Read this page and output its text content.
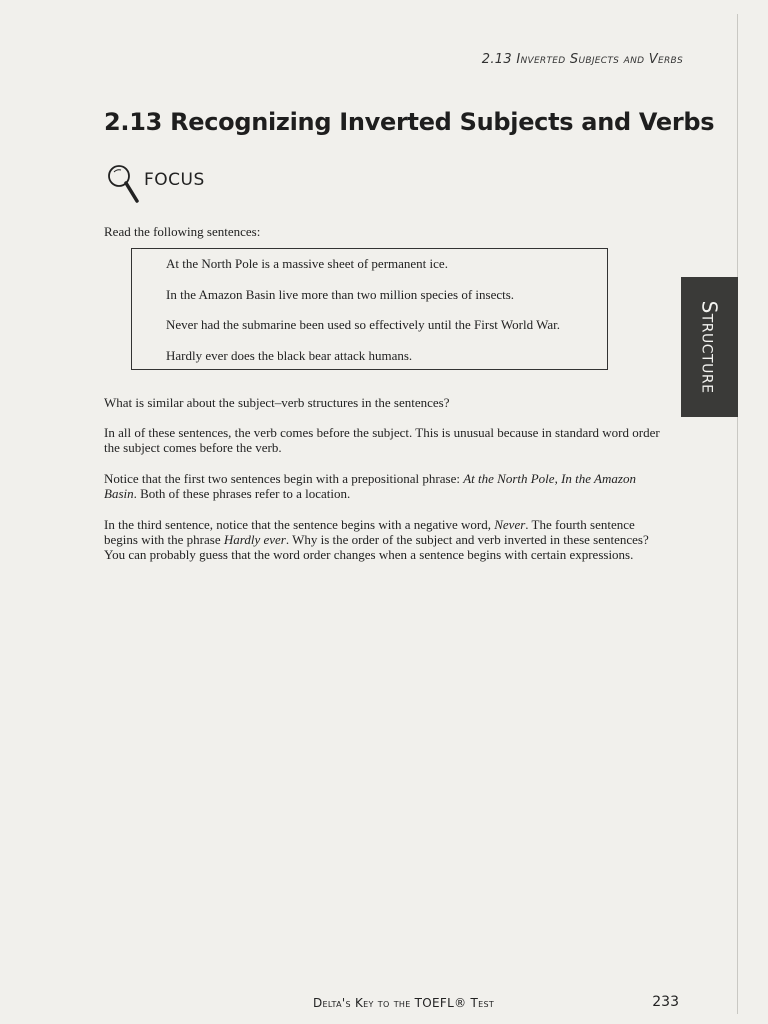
2.13 Inverted Subjects and Verbs

2.13 Recognizing Inverted Subjects and Verbs
FOCUS

Read the following sentences:

At the North Pole is a massive sheet of permanent ice.

In the Amazon Basin live more than two million species of insects.

Never had the submarine been used so effectively until the First World War.

Hardly ever does the black bear attack humans.

What is similar about the subject–verb structures in the sentences?

In all of these sentences, the verb comes before the subject. This is unusual because in standard word order the subject comes before the verb.

Notice that the first two sentences begin with a prepositional phrase: At the North Pole, In the Amazon Basin. Both of these phrases refer to a location.

In the third sentence, notice that the sentence begins with a negative word, Never. The fourth sentence begins with the phrase Hardly ever. Why is the order of the subject and verb inverted in these sentences? You can probably guess that the word order changes when a sentence begins with certain expressions.

Structure
Delta's Key to the TOEFL® Test	233
